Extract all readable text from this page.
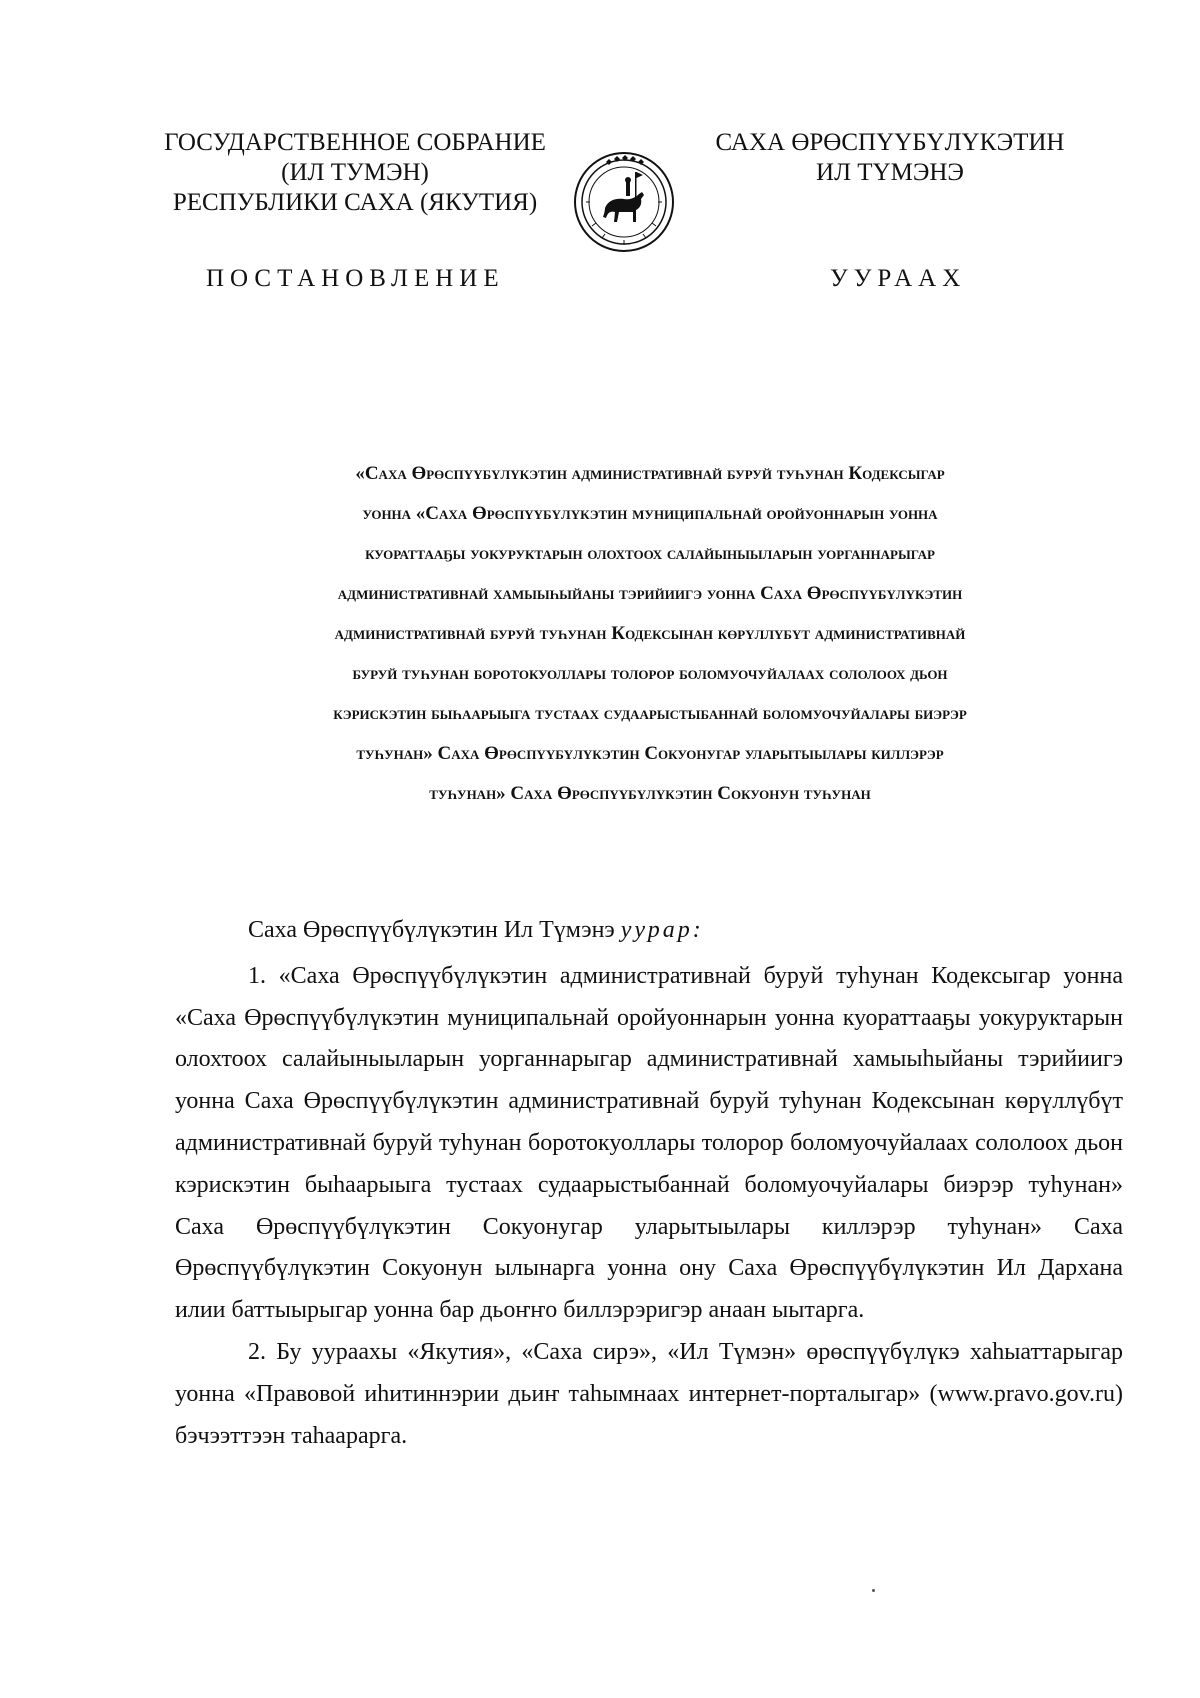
ГОСУДАРСТВЕННОЕ СОБРАНИЕ
(ИЛ ТУМЭН)
РЕСПУБЛИКИ САХА (ЯКУТИЯ)
САХА ӨРӨСПҮҮБҮЛҮКЭТИН
ИЛ ТҮМЭНЭ
ПОСТАНОВЛЕНИЕ	УУРААХ

«Саха Өрөспүүбүлүкэтин административнай буруй туһунан Кодексыгар

уонна «Саха Өрөспүүбүлүкэтин муниципальнай оройуоннарын уонна

куораттааҕы уокуруктарын олохтоох салайыныыларын уорганнарыгар

административнай хамыыһыйаны тэрийиигэ уонна Саха Өрөспүүбүлүкэтин

административнай буруй туһунан Кодексынан көрүллүбүт административнай

буруй туһунан боротокуоллары толорор боломуочуйалаах сололоох дьон

кэрискэтин быһаарыыга тустаах судаарыстыбаннай боломуочуйалары биэрэр

туһунан» Саха Өрөспүүбүлүкэтин Сокуонугар уларытыылары киллэрэр

туһунан» Саха Өрөспүүбүлүкэтин Сокуонун туһунан

Саха Өрөспүүбүлүкэтин Ил Түмэнэ уурар:

1. «Саха Өрөспүүбүлүкэтин административнай буруй туһунан Кодексыгар уонна «Саха Өрөспүүбүлүкэтин муниципальнай оройуоннарын уонна куораттааҕы уокуруктарын олохтоох салайыныыларын уорганнарыгар административнай хамыыһыйаны тэрийиигэ уонна Саха Өрөспүүбүлүкэтин административнай буруй туһунан Кодексынан көрүллүбүт административнай буруй туһунан боротокуоллары толорор боломуочуйалаах сололоох дьон кэрискэтин быһаарыыга тустаах судаарыстыбаннай боломуочуйалары биэрэр туһунан» Саха Өрөспүүбүлүкэтин Сокуонугар уларытыылары киллэрэр туһунан» Саха Өрөспүүбүлүкэтин Сокуонун ылынарга уонна ону Саха Өрөспүүбүлүкэтин Ил Дархана илии баттыырыгар уонна бар дьоҥҥо биллэрэригэр анаан ыытарга.

2. Бу уураахы «Якутия», «Саха сирэ», «Ил Түмэн» өрөспүүбүлүкэ хаһыаттарыгар уонна «Правовой иһитиннэрии дьиҥ таһымнаах интернет-порталыгар» (www.pravo.gov.ru) бэчээттээн таһаарарга.
